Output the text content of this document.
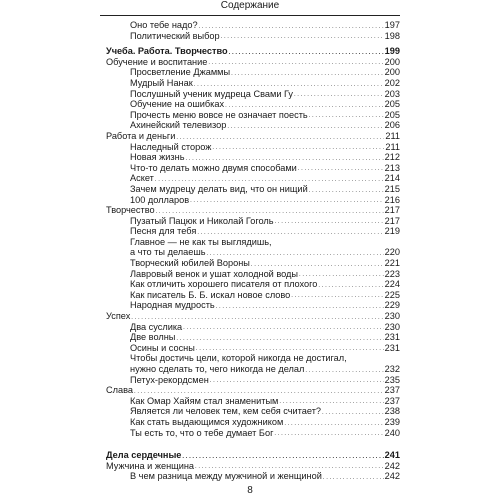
Содержание
Оно тебе надо? . . .	197
Политический выбор . . .	198
Учеба. Работа. Творчество . . .	199
Обучение и воспитание . . .	200
Просветление Джаммы . . .	200
Мудрый Нанак . . .	202
Послушный ученик мудреца Свами Гу . . .	203
Обучение на ошибках . . .	205
Прочесть меню вовсе не означает поесть . . .	205
Ахинейский телевизор . . .	206
Работа и деньги . . .	211
Наследный сторож . . .	211
Новая жизнь . . .	212
Что-то делать можно двумя способами . . .	213
Аскет . . .	214
Зачем мудрецу делать вид, что он нищий . . .	215
100 долларов . . .	216
Творчество . . .	217
Пузатый Пацюк и Николай Гоголь . . .	217
Песня для тебя . . .	219
Главное — не как ты выглядишь,
а что ты делаешь . . .	220
Творческий юбилей Вороны . . .	221
Лавровый венок и ушат холодной воды . . .	223
Как отличить хорошего писателя от плохого . . .	224
Как писатель Б. Б. искал новое слово . . .	225
Народная мудрость . . .	229
Успех . . .	230
Два суслика . . .	230
Две волны . . .	231
Осины и сосны . . .	231
Чтобы достичь цели, которой никогда не достигал,
нужно сделать то, чего никогда не делал . . .	232
Петух-рекордсмен . . .	235
Слава . . .	237
Как Омар Хайям стал знаменитым . . .	237
Является ли человек тем, кем себя считает? . . .	238
Как стать выдающимся художником . . .	239
Ты есть то, что о тебе думает Бог . . .	240
Дела сердечные . . .	241
Мужчина и женщина . . .	242
В чем разница между мужчиной и женщиной . . .	242
8
